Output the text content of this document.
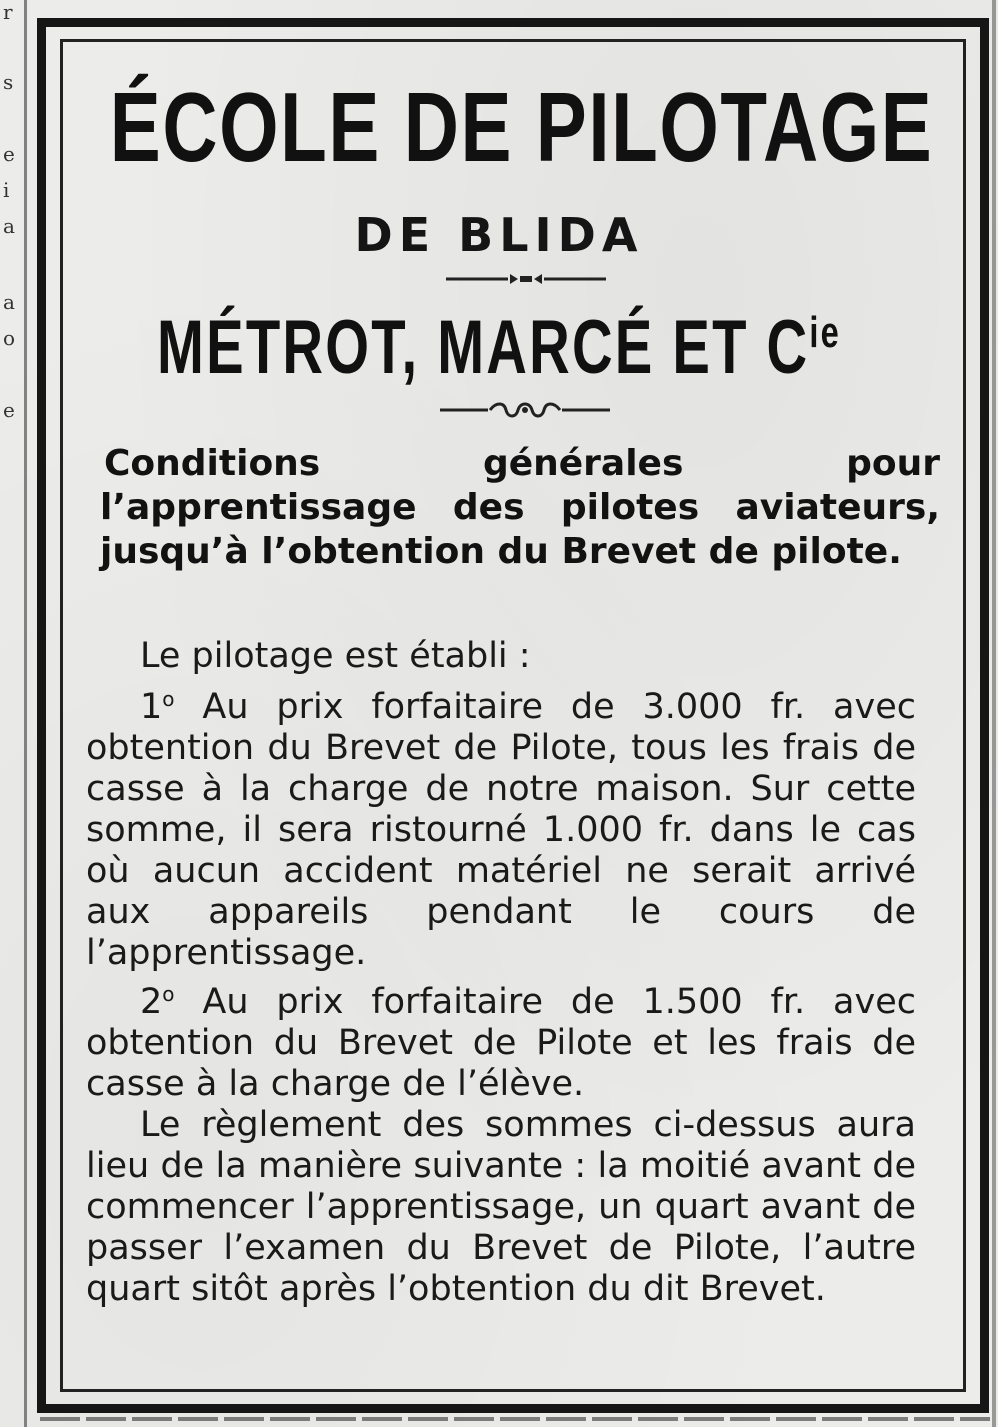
r
s
e
i
a
a
o
e
ÉCOLE DE PILOTAGE
DE BLIDA
MÉTROT, MARCÉ ET $C^{ie}$
Conditions générales pour l’apprentissage des pilotes aviateurs, jusqu’à l’obtention du Brevet de pilote.

Le pilotage est établi :

1$^o$ Au prix forfaitaire de 3.000 fr. avec obtention du Brevet de Pilote, tous les frais de casse à la charge de notre maison. Sur cette somme, il sera ristourné 1.000 fr. dans le cas où aucun accident matériel ne serait arrivé aux appareils pendant le cours de l’apprentissage.

2$^o$ Au prix forfaitaire de 1.500 fr. avec obtention du Brevet de Pilote et les frais de casse à la charge de l’élève.

Le règlement des sommes ci-dessus aura lieu de la manière suivante : la moitié avant de commencer l’apprentissage, un quart avant de passer l’examen du Brevet de Pilote, l’autre quart sitôt après l’obtention du dit Brevet.
